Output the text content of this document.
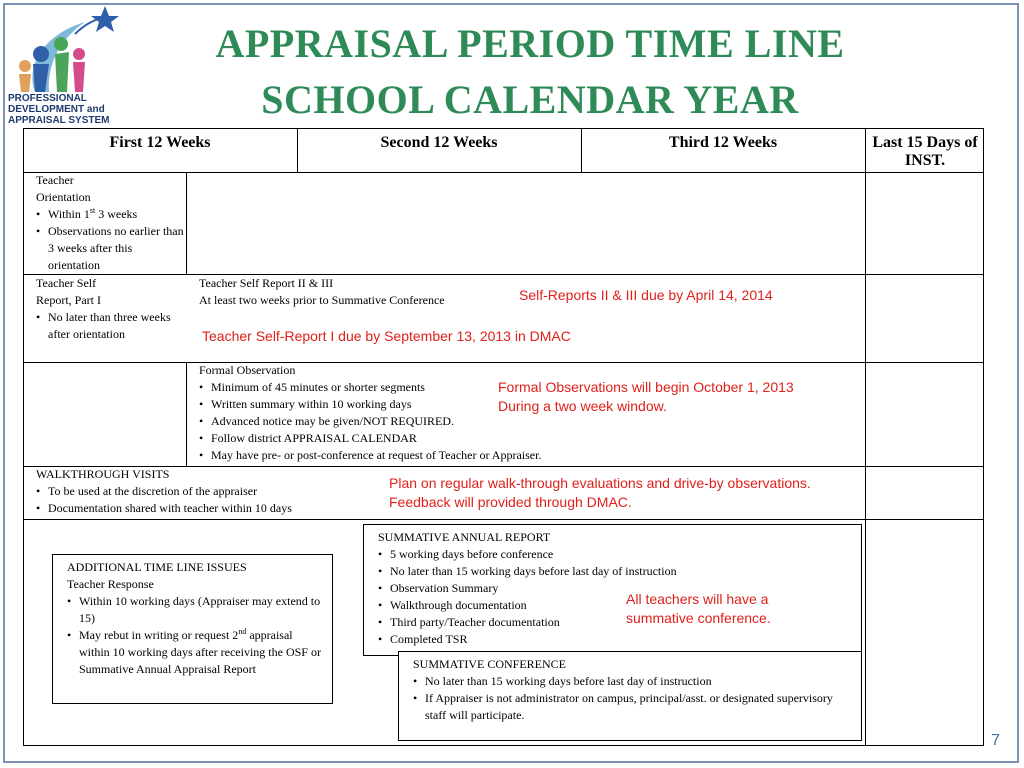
PROFESSIONAL
DEVELOPMENT and
APPRAISAL SYSTEM
APPRAISAL PERIOD TIME LINE
SCHOOL CALENDAR YEAR
First 12 Weeks	Second 12 Weeks	Third 12 Weeks	Last 15 Days of INST.
Teacher
Orientation
• Within 1st 3 weeks
• Observations no earlier than 3 weeks after this orientation
Teacher Self
Report, Part I
• No later than three weeks after orientation
Teacher Self Report II & III
At least two weeks prior to Summative Conference	Self-Reports II & III due by April 14, 2014
Teacher Self-Report I due by September 13, 2013 in DMAC
Formal Observation
• Minimum of 45 minutes or shorter segments
• Written summary within 10 working days
• Advanced notice may be given/NOT REQUIRED.
• Follow district APPRAISAL CALENDAR
• May have pre- or post-conference at request of Teacher or Appraiser.
Formal Observations will begin October 1, 2013
During a two week window.
WALKTHROUGH VISITS
• To be used at the discretion of the appraiser
• Documentation shared with teacher within 10 days
Plan on regular walk-through evaluations and drive-by observations.
Feedback will provided through DMAC.
ADDITIONAL TIME LINE ISSUES
Teacher Response
• Within 10 working days (Appraiser may extend to 15)
• May rebut in writing or request 2nd appraisal within 10 working days after receiving the OSF or Summative Annual Appraisal Report
SUMMATIVE ANNUAL REPORT
• 5 working days before conference
• No later than 15 working days before last day of instruction
• Observation Summary
• Walkthrough documentation
• Third party/Teacher documentation
• Completed TSR
All teachers will have a
summative conference.
SUMMATIVE CONFERENCE
• No later than 15 working days before last day of instruction
• If Appraiser is not administrator on campus, principal/asst. or designated supervisory staff will participate.
7
